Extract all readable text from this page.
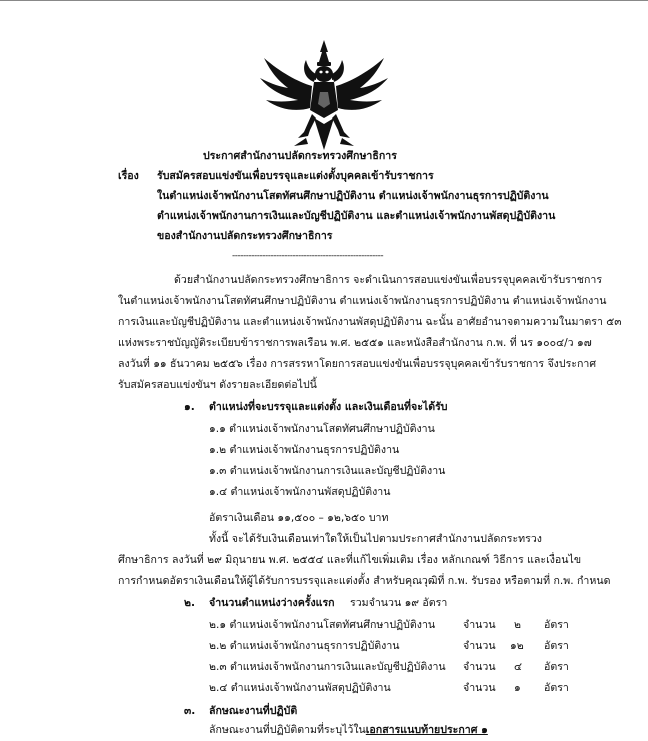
ประกาศสำนักงานปลัดกระทรวงศึกษาธิการ
เรื่อง รับสมัครสอบแข่งขันเพื่อบรรจุและแต่งตั้งบุคคลเข้ารับราชการ
ในตำแหน่งเจ้าพนักงานโสตทัศนศึกษาปฏิบัติงาน ตำแหน่งเจ้าพนักงานธุรการปฏิบัติงาน
ตำแหน่งเจ้าพนักงานการเงินและบัญชีปฏิบัติงาน และตำแหน่งเจ้าพนักงานพัสดุปฏิบัติงาน
ของสำนักงานปลัดกระทรวงศึกษาธิการ
-------------------------------------------------------
ด้วยสำนักงานปลัดกระทรวงศึกษาธิการ จะดำเนินการสอบแข่งขันเพื่อบรรจุบุคคลเข้ารับราชการ
ในตำแหน่งเจ้าพนักงานโสตทัศนศึกษาปฏิบัติงาน ตำแหน่งเจ้าพนักงานธุรการปฏิบัติงาน ตำแหน่งเจ้าพนักงาน
การเงินและบัญชีปฏิบัติงาน และตำแหน่งเจ้าพนักงานพัสดุปฏิบัติงาน ฉะนั้น อาศัยอำนาจตามความในมาตรา ๕๓
แห่งพระราชบัญญัติระเบียบข้าราชการพลเรือน พ.ศ. ๒๕๕๑ และหนังสือสำนักงาน ก.พ. ที่ นร ๑๐๐๔/ว ๑๗
ลงวันที่ ๑๑ ธันวาคม ๒๕๕๖ เรื่อง การสรรหาโดยการสอบแข่งขันเพื่อบรรจุบุคคลเข้ารับราชการ จึงประกาศ
รับสมัครสอบแข่งขันฯ ดังรายละเอียดต่อไปนี้
๑. ตำแหน่งที่จะบรรจุและแต่งตั้ง และเงินเดือนที่จะได้รับ
๑.๑ ตำแหน่งเจ้าพนักงานโสตทัศนศึกษาปฏิบัติงาน
๑.๒ ตำแหน่งเจ้าพนักงานธุรการปฏิบัติงาน
๑.๓ ตำแหน่งเจ้าพนักงานการเงินและบัญชีปฏิบัติงาน
๑.๔ ตำแหน่งเจ้าพนักงานพัสดุปฏิบัติงาน
อัตราเงินเดือน ๑๑,๕๐๐ – ๑๒,๖๕๐ บาท
ทั้งนี้ จะได้รับเงินเดือนเท่าใดให้เป็นไปตามประกาศสำนักงานปลัดกระทรวง
ศึกษาธิการ ลงวันที่ ๒๙ มิถุนายน พ.ศ. ๒๕๕๔ และที่แก้ไขเพิ่มเติม เรื่อง หลักเกณฑ์ วิธีการ และเงื่อนไข
การกำหนดอัตราเงินเดือนให้ผู้ได้รับการบรรจุและแต่งตั้ง สำหรับคุณวุฒิที่ ก.พ. รับรอง หรือตามที่ ก.พ. กำหนด
๒. จำนวนตำแหน่งว่างครั้งแรก รวมจำนวน ๑๙ อัตรา
๒.๑ ตำแหน่งเจ้าพนักงานโสตทัศนศึกษาปฏิบัติงาน	จำนวน ๒ อัตรา
๒.๒ ตำแหน่งเจ้าพนักงานธุรการปฏิบัติงาน	จำนวน ๑๒ อัตรา
๒.๓ ตำแหน่งเจ้าพนักงานการเงินและบัญชีปฏิบัติงาน จำนวน ๔ อัตรา
๒.๔ ตำแหน่งเจ้าพนักงานพัสดุปฏิบัติงาน	จำนวน ๑ อัตรา
๓. ลักษณะงานที่ปฏิบัติ
ลักษณะงานที่ปฏิบัติตามที่ระบุไว้ในเอกสารแนบท้ายประกาศ ๑
